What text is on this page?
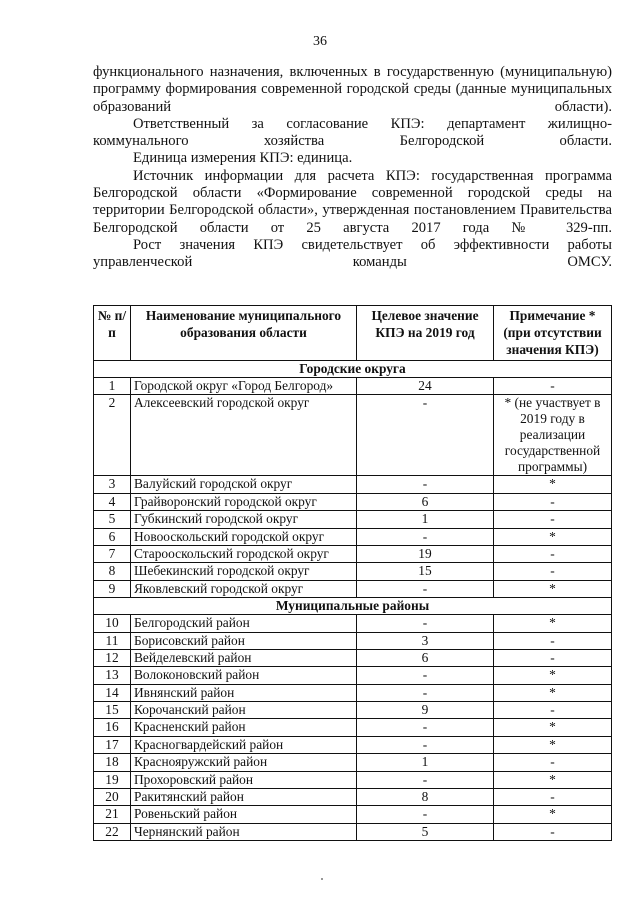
36

функционального назначения, включенных в государственную (муниципальную) программу формирования современной городской среды (данные муниципальных образований области).

Ответственный за согласование КПЭ: департамент жилищно-коммунального хозяйства Белгородской области.

Единица измерения КПЭ: единица.

Источник информации для расчета КПЭ: государственная программа Белгородской области «Формирование современной городской среды на территории Белгородской области», утвержденная постановлением Правительства Белгородской области от 25 августа 2017 года № 329-пп.

Рост значения КПЭ свидетельствует об эффективности работы управленческой команды ОМСУ.

№ п/п	Наименование муниципального образования области	Целевое значение КПЭ на 2019 год	Примечание * (при отсутствии значения КПЭ)
Городские округа			
1	Городской округ «Город Белгород»	24	-
2	Алексеевский городской округ	-	* (не участвует в 2019 году в реализации государственной программы)
3	Валуйский городской округ	-	*
4	Грайворонский городской округ	6	-
5	Губкинский городской округ	1	-
6	Новооскольский городской округ	-	*
7	Старооскольский городской округ	19	-
8	Шебекинский городской округ	15	-
9	Яковлевский городской округ	-	*
Муниципальные районы			
10	Белгородский район	-	*
11	Борисовский район	3	-
12	Вейделевский район	6	-
13	Волоконовский район	-	*
14	Ивнянский район	-	*
15	Корочанский район	9	-
16	Красненский район	-	*
17	Красногвардейский район	-	*
18	Краснояружский район	1	-
19	Прохоровский район	-	*
20	Ракитянский район	8	-
21	Ровеньский район	-	*
22	Чернянский район	5	-
